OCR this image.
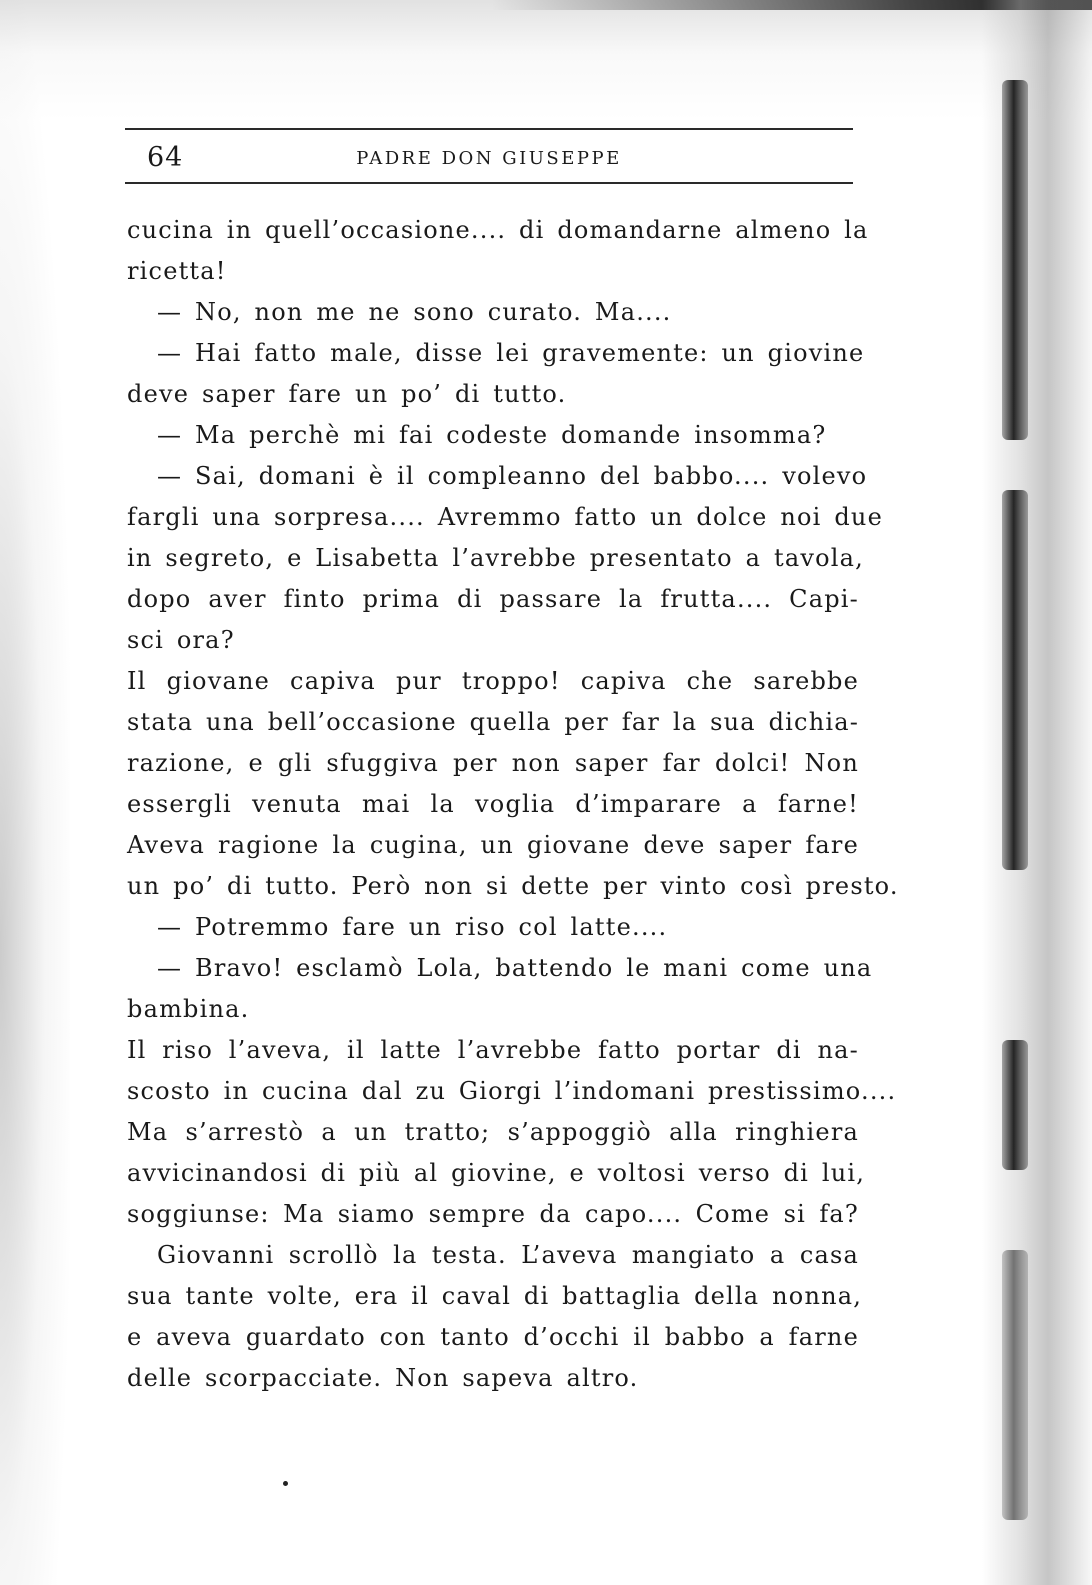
64	PADRE DON GIUSEPPE
cucina in quell’occasione.... di domandarne almeno la
ricetta!
— No, non me ne sono curato. Ma....
— Hai fatto male, disse lei gravemente: un giovine
deve saper fare un po’ di tutto.
— Ma perchè mi fai codeste domande insomma?
— Sai, domani è il compleanno del babbo.... volevo
fargli una sorpresa.... Avremmo fatto un dolce noi due
in segreto, e Lisabetta l’avrebbe presentato a tavola,
dopo aver finto prima di passare la frutta.... Capi-
sci ora?
Il giovane capiva pur troppo! capiva che sarebbe
stata una bell’occasione quella per far la sua dichia-
razione, e gli sfuggiva per non saper far dolci! Non
essergli venuta mai la voglia d’imparare a farne!
Aveva ragione la cugina, un giovane deve saper fare
un po’ di tutto. Però non si dette per vinto così presto.
— Potremmo fare un riso col latte....
— Bravo! esclamò Lola, battendo le mani come una
bambina.
Il riso l’aveva, il latte l’avrebbe fatto portar di na-
scosto in cucina dal zu Giorgi l’indomani prestissimo....
Ma s’arrestò a un tratto; s’appoggiò alla ringhiera
avvicinandosi di più al giovine, e voltosi verso di lui,
soggiunse: Ma siamo sempre da capo.... Come si fa?
Giovanni scrollò la testa. L’aveva mangiato a casa
sua tante volte, era il caval di battaglia della nonna,
e aveva guardato con tanto d’occhi il babbo a farne
delle scorpacciate. Non sapeva altro.
